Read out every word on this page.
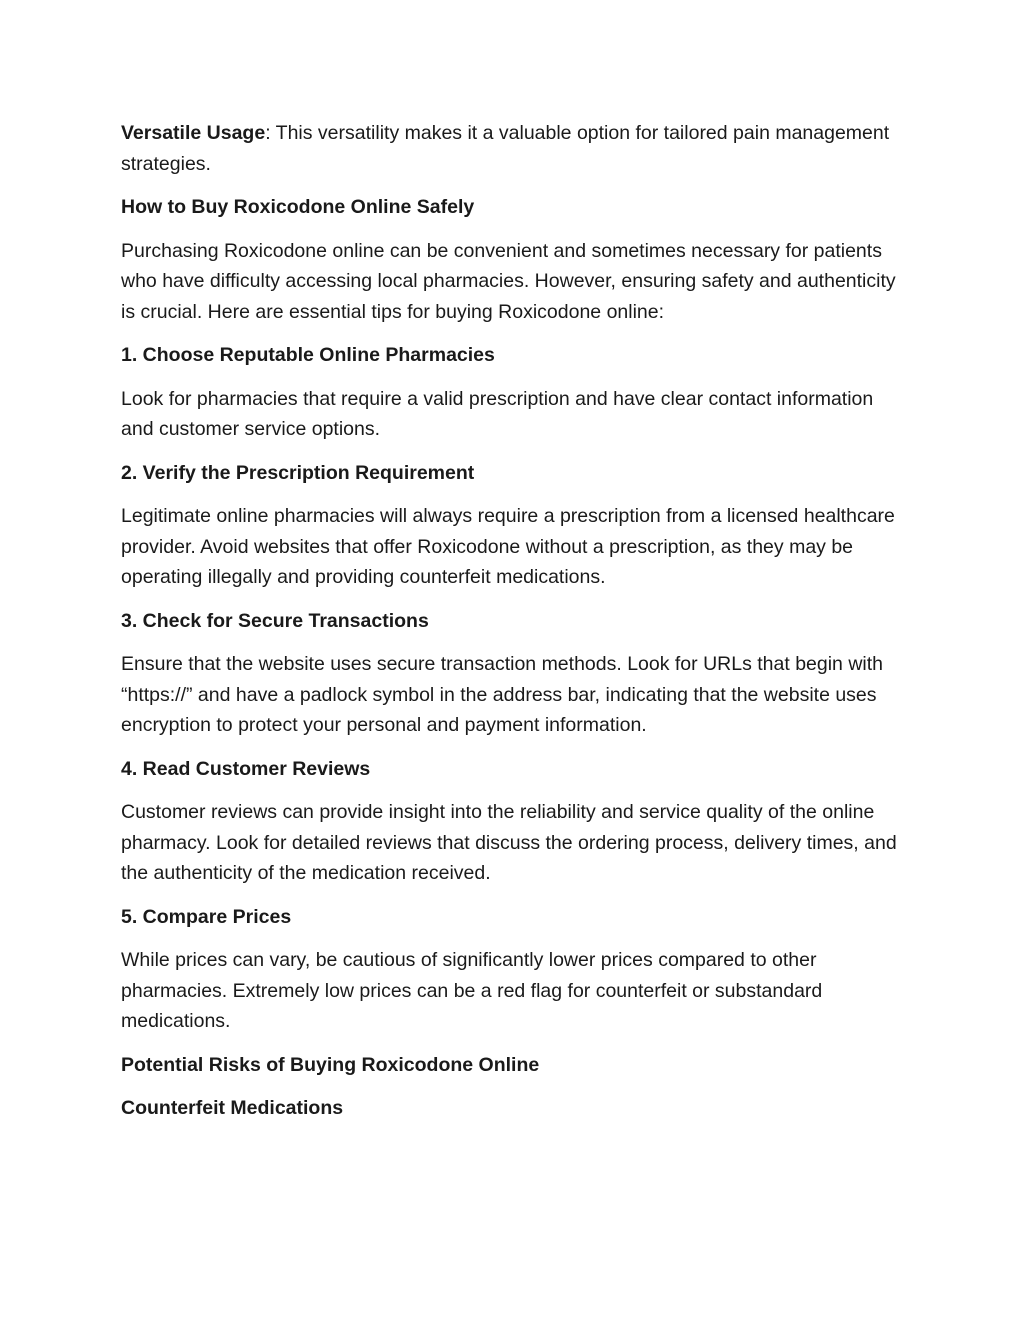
Versatile Usage: This versatility makes it a valuable option for tailored pain management strategies.

How to Buy Roxicodone Online Safely

Purchasing Roxicodone online can be convenient and sometimes necessary for patients who have difficulty accessing local pharmacies. However, ensuring safety and authenticity is crucial. Here are essential tips for buying Roxicodone online:

1. Choose Reputable Online Pharmacies

Look for pharmacies that require a valid prescription and have clear contact information and customer service options.

2. Verify the Prescription Requirement

Legitimate online pharmacies will always require a prescription from a licensed healthcare provider. Avoid websites that offer Roxicodone without a prescription, as they may be operating illegally and providing counterfeit medications.

3. Check for Secure Transactions

Ensure that the website uses secure transaction methods. Look for URLs that begin with “https://” and have a padlock symbol in the address bar, indicating that the website uses encryption to protect your personal and payment information.

4. Read Customer Reviews

Customer reviews can provide insight into the reliability and service quality of the online pharmacy. Look for detailed reviews that discuss the ordering process, delivery times, and the authenticity of the medication received.

5. Compare Prices

While prices can vary, be cautious of significantly lower prices compared to other pharmacies. Extremely low prices can be a red flag for counterfeit or substandard medications.

Potential Risks of Buying Roxicodone Online

Counterfeit Medications
